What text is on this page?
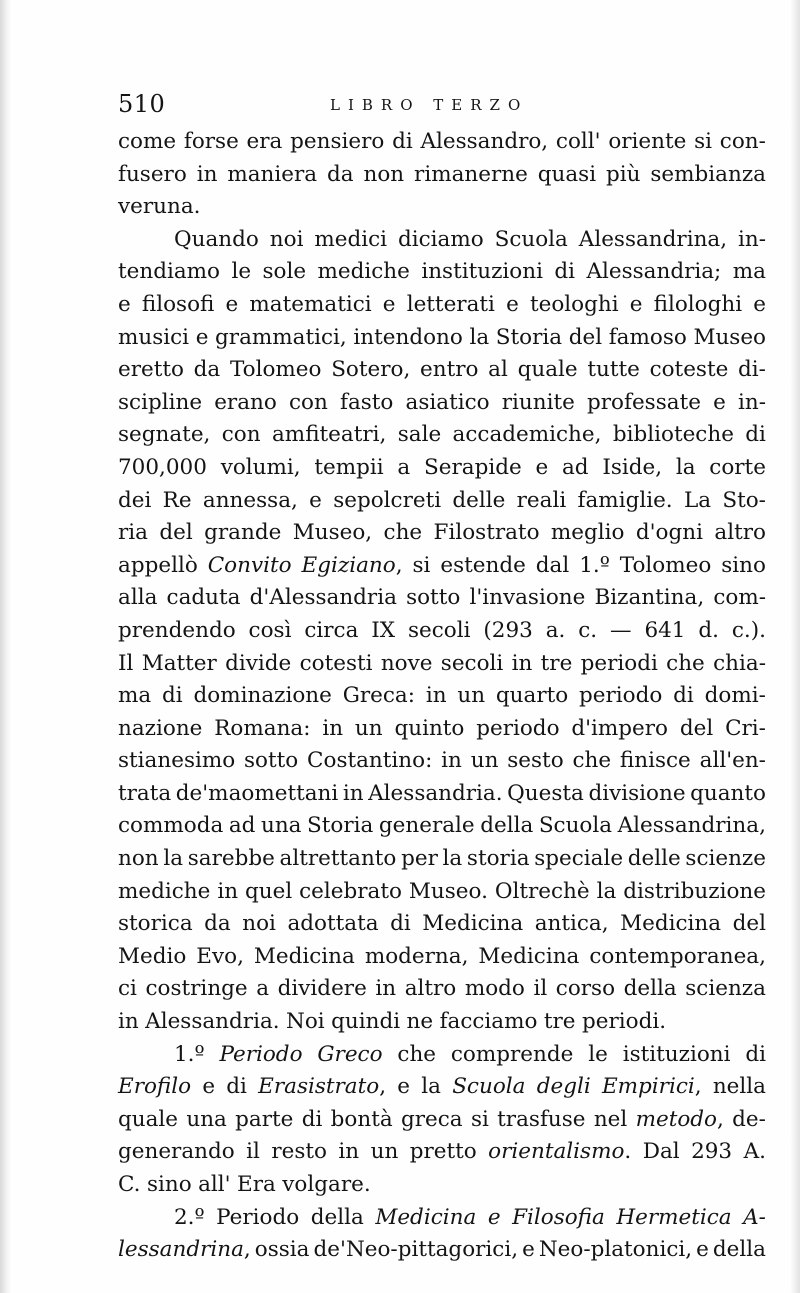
510	LIBRO TERZO
come forse era pensiero di Alessandro, coll' oriente si con-
fusero in maniera da non rimanerne quasi più sembianza
veruna.
Quando noi medici diciamo Scuola Alessandrina, in-
tendiamo le sole mediche instituzioni di Alessandria; ma
e filosofi e matematici e letterati e teologhi e filologhi e
musici e grammatici, intendono la Storia del famoso Museo
eretto da Tolomeo Sotero, entro al quale tutte coteste di-
scipline erano con fasto asiatico riunite professate e in-
segnate, con amfiteatri, sale accademiche, biblioteche di
700,000 volumi, tempii a Serapide e ad Iside, la corte
dei Re annessa, e sepolcreti delle reali famiglie. La Sto-
ria del grande Museo, che Filostrato meglio d'ogni altro
appellò Convito Egiziano, si estende dal 1.º Tolomeo sino
alla caduta d'Alessandria sotto l'invasione Bizantina, com-
prendendo così circa IX secoli (293 a. c. — 641 d. c.).
Il Matter divide cotesti nove secoli in tre periodi che chia-
ma di dominazione Greca: in un quarto periodo di domi-
nazione Romana: in un quinto periodo d'impero del Cri-
stianesimo sotto Costantino: in un sesto che finisce all'en-
trata de'maomettani in Alessandria. Questa divisione quanto
commoda ad una Storia generale della Scuola Alessandrina,
non la sarebbe altrettanto per la storia speciale delle scienze
mediche in quel celebrato Museo. Oltrechè la distribuzione
storica da noi adottata di Medicina antica, Medicina del
Medio Evo, Medicina moderna, Medicina contemporanea,
ci costringe a dividere in altro modo il corso della scienza
in Alessandria. Noi quindi ne facciamo tre periodi.
1.º Periodo Greco che comprende le istituzioni di
Erofilo e di Erasistrato, e la Scuola degli Empirici, nella
quale una parte di bontà greca si trasfuse nel metodo, de-
generando il resto in un pretto orientalismo. Dal 293 A.
C. sino all' Era volgare.
2.º Periodo della Medicina e Filosofia Hermetica A-
lessandrina, ossia de'Neo-pittagorici, e Neo-platonici, e della
